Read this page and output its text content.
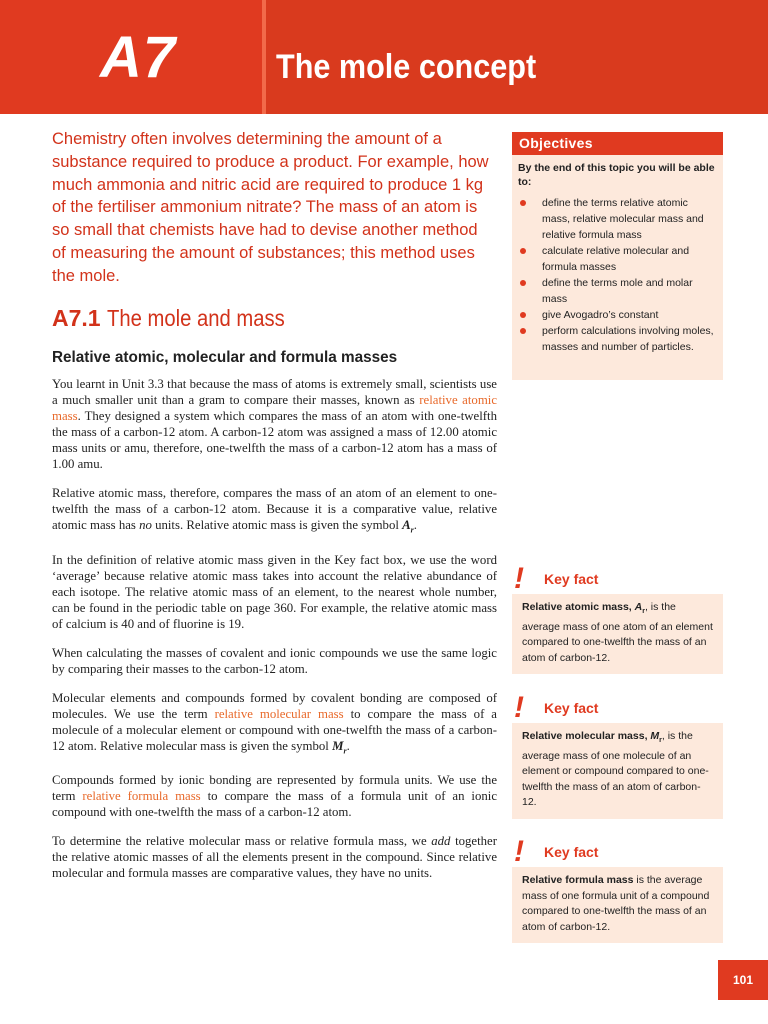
A7	The mole concept
Chemistry often involves determining the amount of a substance required to produce a product. For example, how much ammonia and nitric acid are required to produce 1 kg of the fertiliser ammonium nitrate? The mass of an atom is so small that chemists have had to devise another method of measuring the amount of substances; this method uses the mole.
A7.1 The mole and mass
Relative atomic, molecular and formula masses

You learnt in Unit 3.3 that because the mass of atoms is extremely small, scientists use a much smaller unit than a gram to compare their masses, known as relative atomic mass. They designed a system which compares the mass of an atom with one-twelfth the mass of a carbon-12 atom. A carbon-12 atom was assigned a mass of 12.00 atomic mass units or amu, therefore, one-twelfth the mass of a carbon-12 atom has a mass of 1.00 amu.

Relative atomic mass, therefore, compares the mass of an atom of an element to one-twelfth the mass of a carbon-12 atom. Because it is a comparative value, relative atomic mass has no units. Relative atomic mass is given the symbol $A_r$.

In the definition of relative atomic mass given in the Key fact box, we use the word ‘average’ because relative atomic mass takes into account the relative abundance of each isotope. The relative atomic mass of an element, to the nearest whole number, can be found in the periodic table on page 360. For example, the relative atomic mass of calcium is 40 and of fluorine is 19.

When calculating the masses of covalent and ionic compounds we use the same logic by comparing their masses to the carbon-12 atom.

Molecular elements and compounds formed by covalent bonding are composed of molecules. We use the term relative molecular mass to compare the mass of a molecule of a molecular element or compound with one-twelfth the mass of a carbon-12 atom. Relative molecular mass is given the symbol $M_r$.

Compounds formed by ionic bonding are represented by formula units. We use the term relative formula mass to compare the mass of a formula unit of an ionic compound with one-twelfth the mass of a carbon-12 atom.

To determine the relative molecular mass or relative formula mass, we add together the relative atomic masses of all the elements present in the compound. Since relative molecular and formula masses are comparative values, they have no units.

Objectives
By the end of this topic you will be able to:
define the terms relative atomic mass, relative molecular mass and relative formula mass
calculate relative molecular and formula masses
define the terms mole and molar mass
give Avogadro’s constant
perform calculations involving moles, masses and number of particles.
! Key fact
Relative atomic mass, $A_r$, is the average mass of one atom of an element compared to one-twelfth the mass of an atom of carbon-12.
! Key fact
Relative molecular mass, $M_r$, is the average mass of one molecule of an element or compound compared to one-twelfth the mass of an atom of carbon-12.
! Key fact
Relative formula mass is the average mass of one formula unit of a compound compared to one-twelfth the mass of an atom of carbon-12.
101
